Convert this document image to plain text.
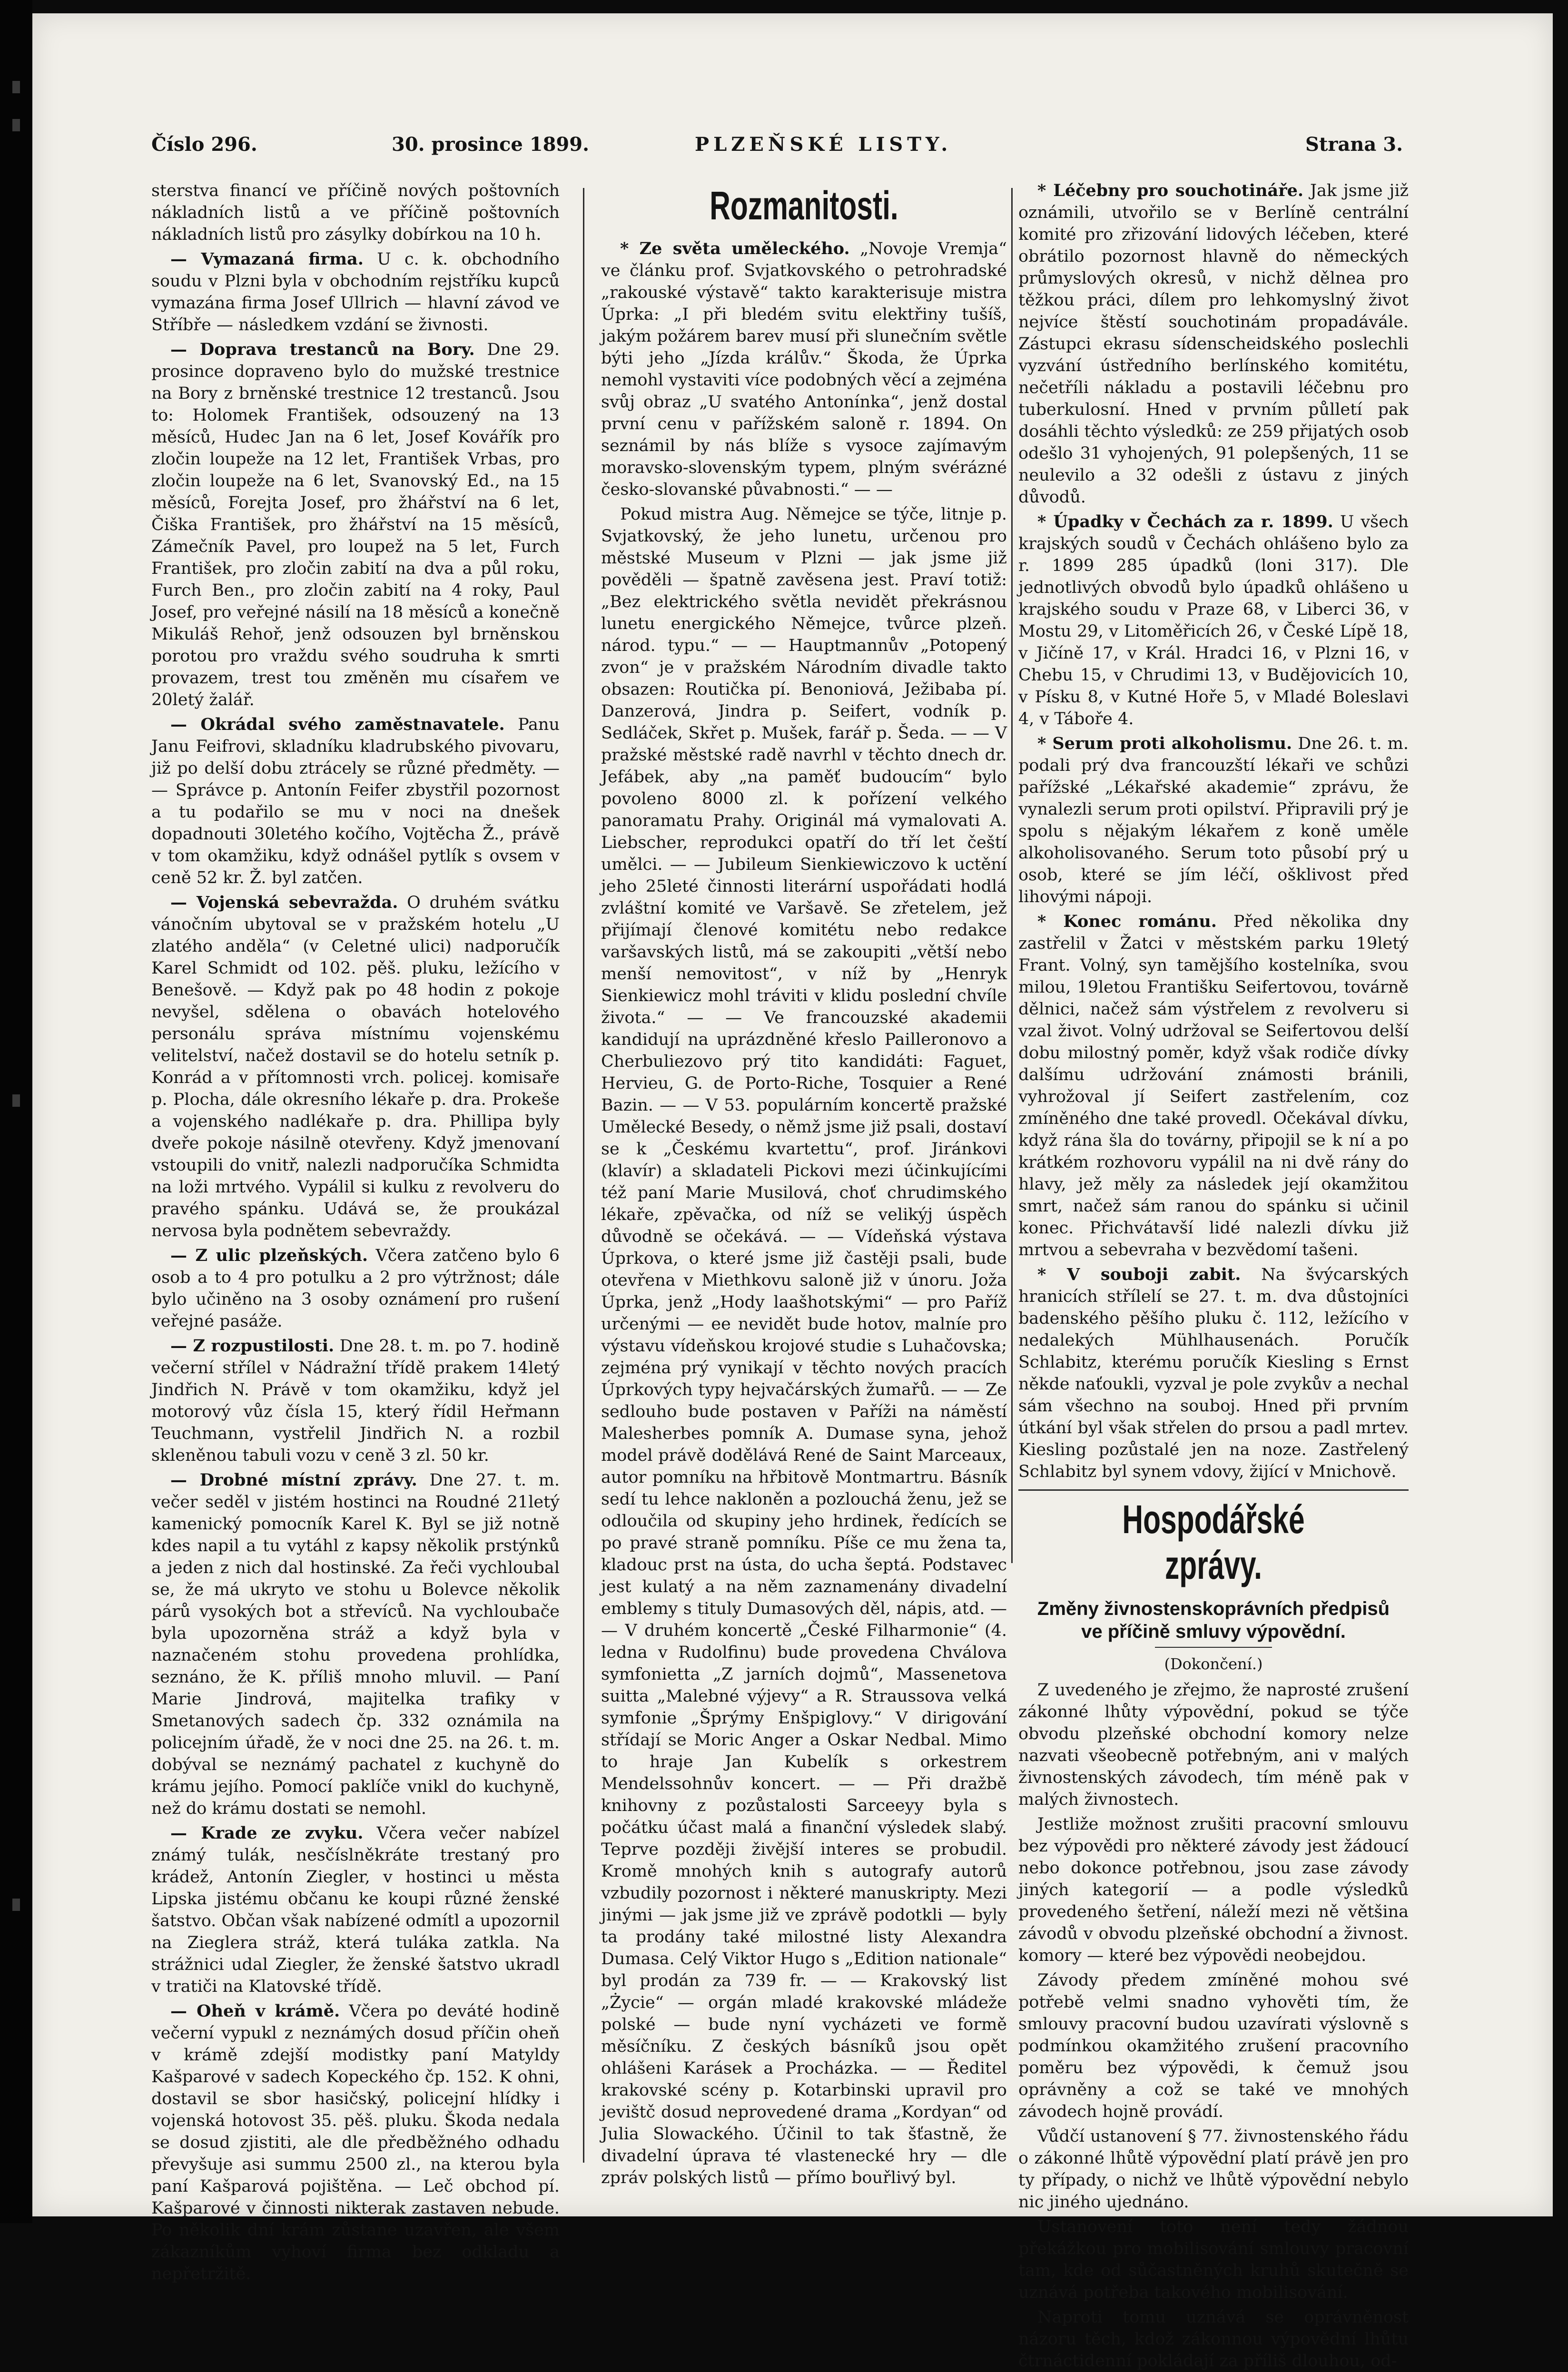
Číslo 296.	30. prosince 1899.	PLZEŇSKÉ LISTY.	Strana 3.

sterstva financí ve příčině nových poštovních nákladních listů a ve příčině poštovních nákladních listů pro zásylky dobírkou na 10 h.

— Vymazaná firma. U c. k. obchodního soudu v Plzni byla v obchodním rejstříku kupců vymazána firma Josef Ullrich — hlavní závod ve Stříbře — následkem vzdání se živnosti.

— Doprava trestanců na Bory. Dne 29. prosince dopraveno bylo do mužské trestnice na Bory z brněnské trestnice 12 trestanců. Jsou to: Holomek František, odsouzený na 13 měsíců, Hudec Jan na 6 let, Josef Kovářík pro zločin loupeže na 12 let, František Vrbas, pro zločin loupeže na 6 let, Svanovský Ed., na 15 měsíců, Forejta Josef, pro žhářství na 6 let, Čiška František, pro žhářství na 15 měsíců, Zámečník Pavel, pro loupež na 5 let, Furch František, pro zločin zabití na dva a půl roku, Furch Ben., pro zločin zabití na 4 roky, Paul Josef, pro veřejné násilí na 18 měsíců a konečně Mikuláš Rehoř, jenž odsouzen byl brněnskou porotou pro vraždu svého soudruha k smrti provazem, trest tou změněn mu císařem ve 20letý žalář.

— Okrádal svého zaměstnavatele. Panu Janu Feifrovi, skladníku kladrubského pivovaru, již po delší dobu ztrácely se různé předměty. — — Správce p. Antonín Feifer zbystřil pozornost a tu podařilo se mu v noci na dnešek dopadnouti 30letého kočího, Vojtěcha Ž., právě v tom okamžiku, když odnášel pytlík s ovsem v ceně 52 kr. Ž. byl zatčen.

— Vojenská sebevražda. O druhém svátku vánočním ubytoval se v pražském hotelu „U zlatého anděla“ (v Celetné ulici) nadporučík Karel Schmidt od 102. pěš. pluku, ležícího v Benešově. — Když pak po 48 hodin z pokoje nevyšel, sdělena o obavách hotelového personálu správa místnímu vojenskému velitelství, načež dostavil se do hotelu setník p. Konrád a v přítomnosti vrch. policej. komisaře p. Plocha, dále okresního lékaře p. dra. Prokeše a vojenského nadlékaře p. dra. Phillipa byly dveře pokoje násilně otevřeny. Když jmenovaní vstoupili do vnitř, nalezli nadporučíka Schmidta na loži mrtvého. Vypálil si kulku z revolveru do pravého spánku. Udává se, že proukázal nervosa byla podnětem sebevraždy.

— Z ulic plzeňských. Včera zatčeno bylo 6 osob a to 4 pro potulku a 2 pro výtržnost; dále bylo učiněno na 3 osoby oznámení pro rušení veřejné pasáže.

— Z rozpustilosti. Dne 28. t. m. po 7. hodině večerní střílel v Nádražní třídě prakem 14letý Jindřich N. Právě v tom okamžiku, když jel motorový vůz čísla 15, který řídil Heřmann Teuchmann, vystřelil Jindřich N. a rozbil skleněnou tabuli vozu v ceně 3 zl. 50 kr.

— Drobné místní zprávy. Dne 27. t. m. večer seděl v jistém hostinci na Roudné 21letý kamenický pomocník Karel K. Byl se již notně kdes napil a tu vytáhl z kapsy několik prstýnků a jeden z nich dal hostinské. Za řeči vychloubal se, že má ukryto ve stohu u Bolevce několik párů vysokých bot a střevíců. Na vychloubače byla upozorněna stráž a když byla v naznačeném stohu provedena prohlídka, seznáno, že K. příliš mnoho mluvil. — Paní Marie Jindrová, majitelka trafiky v Smetanových sadech čp. 332 oznámila na policejním úřadě, že v noci dne 25. na 26. t. m. dobýval se neznámý pachatel z kuchyně do krámu jejího. Pomocí paklíče vnikl do kuchyně, než do krámu dostati se nemohl.

— Krade ze zvyku. Včera večer nabízel známý tulák, nesčíslněkráte trestaný pro krádež, Antonín Ziegler, v hostinci u města Lipska jistému občanu ke koupi různé ženské šatstvo. Občan však nabízené odmítl a upozornil na Zieglera stráž, která tuláka zatkla. Na strážnici udal Ziegler, že ženské šatstvo ukradl v tratiči na Klatovské třídě.

— Oheň v krámě. Včera po deváté hodině večerní vypukl z neznámých dosud příčin oheň v krámě zdejší modistky paní Matyldy Kašparové v sadech Kopeckého čp. 152. K ohni, dostavil se sbor hasičský, policejní hlídky i vojenská hotovost 35. pěš. pluku. Škoda nedala se dosud zjistiti, ale dle předběžného odhadu převyšuje asi summu 2500 zl., na kterou byla paní Kašparová pojištěna. — Leč obchod pí. Kašparové v činnosti nikterak zastaven nebude. Po několik dní krám zůstane uzavřen, ale všem zákazníkům vyhoví firma bez odkladu a nepřetržitě.

Rozmanitosti.

* Ze světa uměleckého. „Novoje Vremja“ ve článku prof. Svjatkovského o petrohradské „rakouské výstavě“ takto karakterisuje mistra Úprka: „I při bledém svitu elektřiny tušíš, jakým požárem barev musí při slunečním světle býti jeho „Jízda králův.“ Škoda, že Úprka nemohl vystaviti více podobných věcí a zejména svůj obraz „U svatého Antonínka“, jenž dostal první cenu v pařížském saloně r. 1894. On seznámil by nás blíže s vysoce zajímavým moravsko-slovenským typem, plným svérázné česko-slovanské půvabnosti.“ — —

Pokud mistra Aug. Němejce se týče, litnje p. Svjatkovský, že jeho lunetu, určenou pro městské Museum v Plzni — jak jsme již pověděli — špatně zavěsena jest. Praví totiž: „Bez elektrického světla nevidět překrásnou lunetu energického Němejce, tvůrce plzeň. národ. typu.“ — — Hauptmannův „Potopený zvon“ je v pražském Národním divadle takto obsazen: Routička pí. Benoniová, Ježibaba pí. Danzerová, Jindra p. Seifert, vodník p. Sedláček, Skřet p. Mušek, farář p. Šeda. — — V pražské městské radě navrhl v těchto dnech dr. Jefábek, aby „na paměť budoucím“ bylo povoleno 8000 zl. k pořízení velkého panoramatu Prahy. Originál má vymalovati A. Liebscher, reprodukci opatří do tří let čeští umělci. — — Jubileum Sienkiewiczovo k uctění jeho 25leté činnosti literární uspořádati hodlá zvláštní komité ve Varšavě. Se zřetelem, jež přijímají členové komitétu nebo redakce varšavských listů, má se zakoupiti „větší nebo menší nemovitost“, v níž by „Henryk Sienkiewicz mohl tráviti v klidu poslední chvíle života.“ — — Ve francouzské akademii kandidují na uprázdněné křeslo Pailleronovo a Cherbuliezovo prý tito kandidáti: Faguet, Hervieu, G. de Porto-Riche, Tosquier a René Bazin. — — V 53. populárním koncertě pražské Umělecké Besedy, o němž jsme již psali, dostaví se k „Českému kvartettu“, prof. Jiránkovi (klavír) a skladateli Pickovi mezi účinkujícími též paní Marie Musilová, choť chrudimského lékaře, zpěvačka, od níž se velikýj úspěch důvodně se očekává. — — Vídeňská výstava Úprkova, o které jsme již častěji psali, bude otevřena v Miethkovu saloně již v únoru. Joža Úprka, jenž „Hody laašhotskými“ — pro Paříž určenými — ee nevidět bude hotov, malníe pro výstavu vídeňskou krojové studie s Luhačovska; zejména prý vynikají v těchto nových pracích Úprkových typy hejvačárských žumařů. — — Ze sedlouho bude postaven v Paříži na náměstí Malesherbes pomník A. Dumase syna, jehož model právě dodělává René de Saint Marceaux, autor pomníku na hřbitově Montmartru. Básník sedí tu lehce nakloněn a pozlouchá ženu, jež se odloučila od skupiny jeho hrdinek, ředících se po pravé straně pomníku. Píše ce mu žena ta, kladouc prst na ústa, do ucha šeptá. Podstavec jest kulatý a na něm zaznamenány divadelní emblemy s tituly Dumasových děl, nápis, atd. — — V druhém koncertě „České Filharmonie“ (4. ledna v Rudolfinu) bude provedena Chválova symfonietta „Z jarních dojmů“, Massenetova suitta „Malebné výjevy“ a R. Straussova velká symfonie „Šprýmy Enšpiglovy.“ V dirigování střídají se Moric Anger a Oskar Nedbal. Mimo to hraje Jan Kubelík s orkestrem Mendelssohnův koncert. — — Při dražbě knihovny z pozůstalosti Sarceeyy byla s počátku účast malá a finanční výsledek slabý. Teprve později živější interes se probudil. Kromě mnohých knih s autografy autorů vzbudily pozornost i některé manuskripty. Mezi jinými — jak jsme již ve zprávě podotkli — byly ta prodány také milostné listy Alexandra Dumasa. Celý Viktor Hugo s „Edition nationale“ byl prodán za 739 fr. — — Krakovský list „Życie“ — orgán mladé krakovské mládeže polské — bude nyní vycházeti ve formě měsíčníku. Z českých básníků jsou opět ohlášeni Karásek a Procházka. — — Ředitel krakovské scény p. Kotarbinski upravil pro jevištč dosud neprovedené drama „Kordyan“ od Julia Slowackého. Účinil to tak šťastně, že divadelní úprava té vlastenecké hry — dle zpráv polských listů — přímo bouřlivý byl.

* Léčebny pro souchotináře. Jak jsme již oznámili, utvořilo se v Berlíně centrální komité pro zřizování lidových léčeben, které obrátilo pozornost hlavně do německých průmyslových okresů, v nichž dělnea pro těžkou práci, dílem pro lehkomyslný život nejvíce štěstí souchotinám propadávále. Zástupci ekrasu sídenscheidského poslechli vyzvání ústředního berlínského komitétu, nečetříli nákladu a postavili léčebnu pro tuberkulosní. Hned v prvním půlletí pak dosáhli těchto výsledků: ze 259 přijatých osob odešlo 31 vyhojených, 91 polepšených, 11 se neulevilo a 32 odešli z ústavu z jiných důvodů.

* Úpadky v Čechách za r. 1899. U všech krajských soudů v Čechách ohlášeno bylo za r. 1899 285 úpadků (loni 317). Dle jednotlivých obvodů bylo úpadků ohlášeno u krajského soudu v Praze 68, v Liberci 36, v Mostu 29, v Litoměřicích 26, v České Lípě 18, v Jičíně 17, v Král. Hradci 16, v Plzni 16, v Chebu 15, v Chrudimi 13, v Budějovicích 10, v Písku 8, v Kutné Hoře 5, v Mladé Boleslavi 4, v Táboře 4.

* Serum proti alkoholismu. Dne 26. t. m. podali prý dva francouzští lékaři ve schůzi pařížské „Lékařské akademie“ zprávu, že vynalezli serum proti opilství. Připravili prý je spolu s nějakým lékařem z koně uměle alkoholisovaného. Serum toto působí prý u osob, které se jím léčí, ošklivost před lihovými nápoji.

* Konec románu. Před několika dny zastřelil v Žatci v městském parku 19letý Frant. Volný, syn tamějšího kostelníka, svou milou, 19letou Františku Seifertovou, továrně dělnici, načež sám výstřelem z revolveru si vzal život. Volný udržoval se Seifertovou delší dobu milostný poměr, když však rodiče dívky dalšímu udržování známosti bránili, vyhrožoval jí Seifert zastřelením, coz zmíněného dne také provedl. Očekával dívku, když rána šla do továrny, připojil se k ní a po krátkém rozhovoru vypálil na ni dvě rány do hlavy, jež měly za následek její okamžitou smrt, načež sám ranou do spánku si učinil konec. Přichvátavší lidé nalezli dívku již mrtvou a sebevraha v bezvědomí tašeni.

* V souboji zabit. Na švýcarských hranicích střílelí se 27. t. m. dva důstojníci badenského pěšího pluku č. 112, ležícího v nedalekých Mühlhausenách. Poručík Schlabitz, kterému poručík Kiesling s Ernst někde naťoukli, vyzval je pole zvykův a nechal sám všechno na souboj. Hned při prvním útkání byl však střelen do prsou a padl mrtev. Kiesling pozůstalé jen na noze. Zastřelený Schlabitz byl synem vdovy, žijící v Mnichově.

Hospodářské zprávy.
Změny živnostenskoprávních předpisů
ve příčině smluvy výpovědní.
(Dokončení.)

Z uvedeného je zřejmo, že naprosté zrušení zákonné lhůty výpovědní, pokud se týče obvodu plzeňské obchodní komory nelze nazvati všeobecně potřebným, ani v malých živnostenských závodech, tím méně pak v malých živnostech.

Jestliže možnost zrušiti pracovní smlouvu bez výpovědi pro některé závody jest žádoucí nebo dokonce potřebnou, jsou zase závody jiných kategorií — a podle výsledků provedeného šetření, náleží mezi ně většina závodů v obvodu plzeňské obchodní a živnost. komory — které bez výpovědi neobejdou.

Závody předem zmíněné mohou své potřebě velmi snadno vyhověti tím, že smlouvy pracovní budou uzavírati výslovně s podmínkou okamžitého zrušení pracovního poměru bez výpovědi, k čemuž jsou oprávněny a což se také ve mnohých závodech hojně provádí.

Vůdčí ustanovení § 77. živnostenského řádu o zákonné lhůtě výpovědní platí právě jen pro ty případy, o nichž ve lhůtě výpovědní nebylo nic jiného ujednáno.

Ustanovení toto není tedy žádnou překážkou pro mobilisování smlouvy pracovní tam, kde od sůčastněných kruhů skutečně se uznává potřeba takového mobilisování.

Naproti tomu uznává se oprávněnost názoru těch, kdož zákonnou výpovědní lhůtu čtrnáctidenní pokládají za příliš dlouhou, od-
